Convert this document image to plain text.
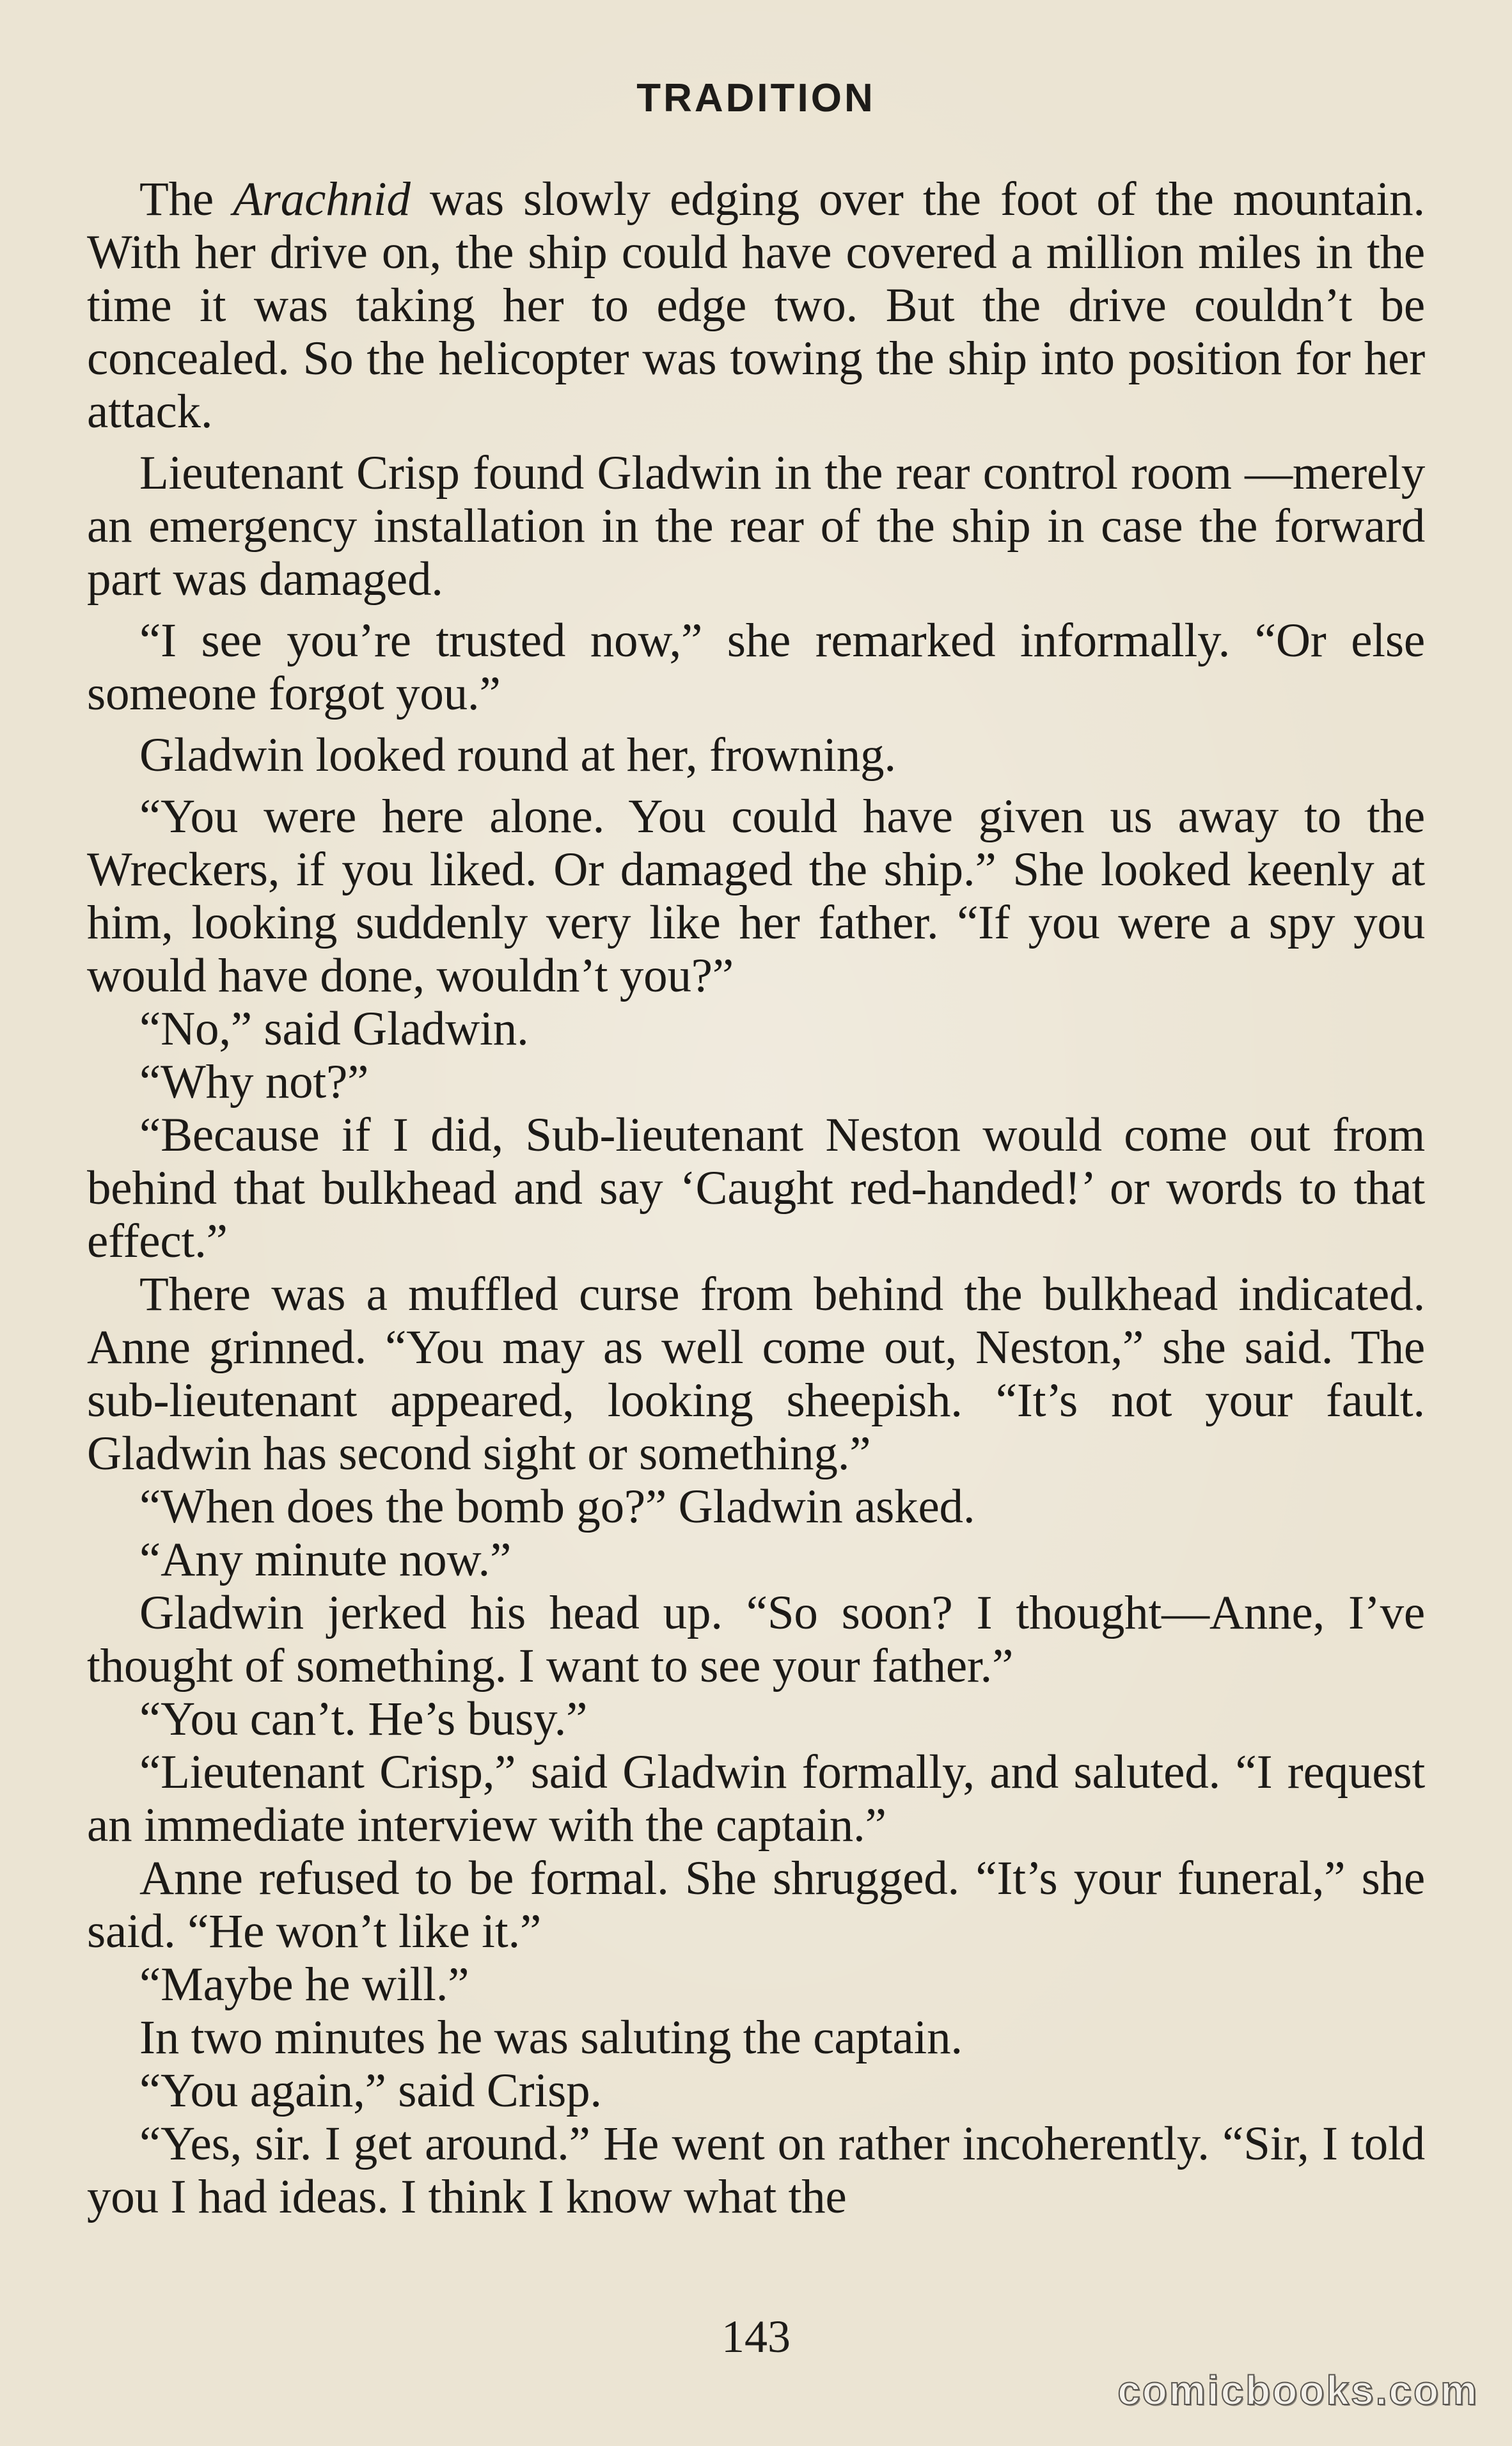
TRADITION

The Arachnid was slowly edging over the foot of the mountain. With her drive on, the ship could have covered a million miles in the time it was taking her to edge two. But the drive couldn’t be concealed. So the helicopter was towing the ship into position for her attack.

Lieutenant Crisp found Gladwin in the rear control room —merely an emergency installation in the rear of the ship in case the forward part was damaged.

“I see you’re trusted now,” she remarked informally. “Or else someone forgot you.”

Gladwin looked round at her, frowning.

“You were here alone. You could have given us away to the Wreckers, if you liked. Or damaged the ship.” She looked keenly at him, looking suddenly very like her father. “If you were a spy you would have done, wouldn’t you?”

“No,” said Gladwin.

“Why not?”

“Because if I did, Sub-lieutenant Neston would come out from behind that bulkhead and say ‘Caught red-handed!’ or words to that effect.”

There was a muffled curse from behind the bulkhead indicated. Anne grinned. “You may as well come out, Neston,” she said. The sub-lieutenant appeared, looking sheepish. “It’s not your fault. Gladwin has second sight or something.”

“When does the bomb go?” Gladwin asked.

“Any minute now.”

Gladwin jerked his head up. “So soon? I thought—Anne, I’ve thought of something. I want to see your father.”

“You can’t. He’s busy.”

“Lieutenant Crisp,” said Gladwin formally, and saluted. “I request an immediate interview with the captain.”

Anne refused to be formal. She shrugged. “It’s your funeral,” she said. “He won’t like it.”

“Maybe he will.”

In two minutes he was saluting the captain.

“You again,” said Crisp.

“Yes, sir. I get around.” He went on rather incoherently. “Sir, I told you I had ideas. I think I know what the

143
comicbooks.com
